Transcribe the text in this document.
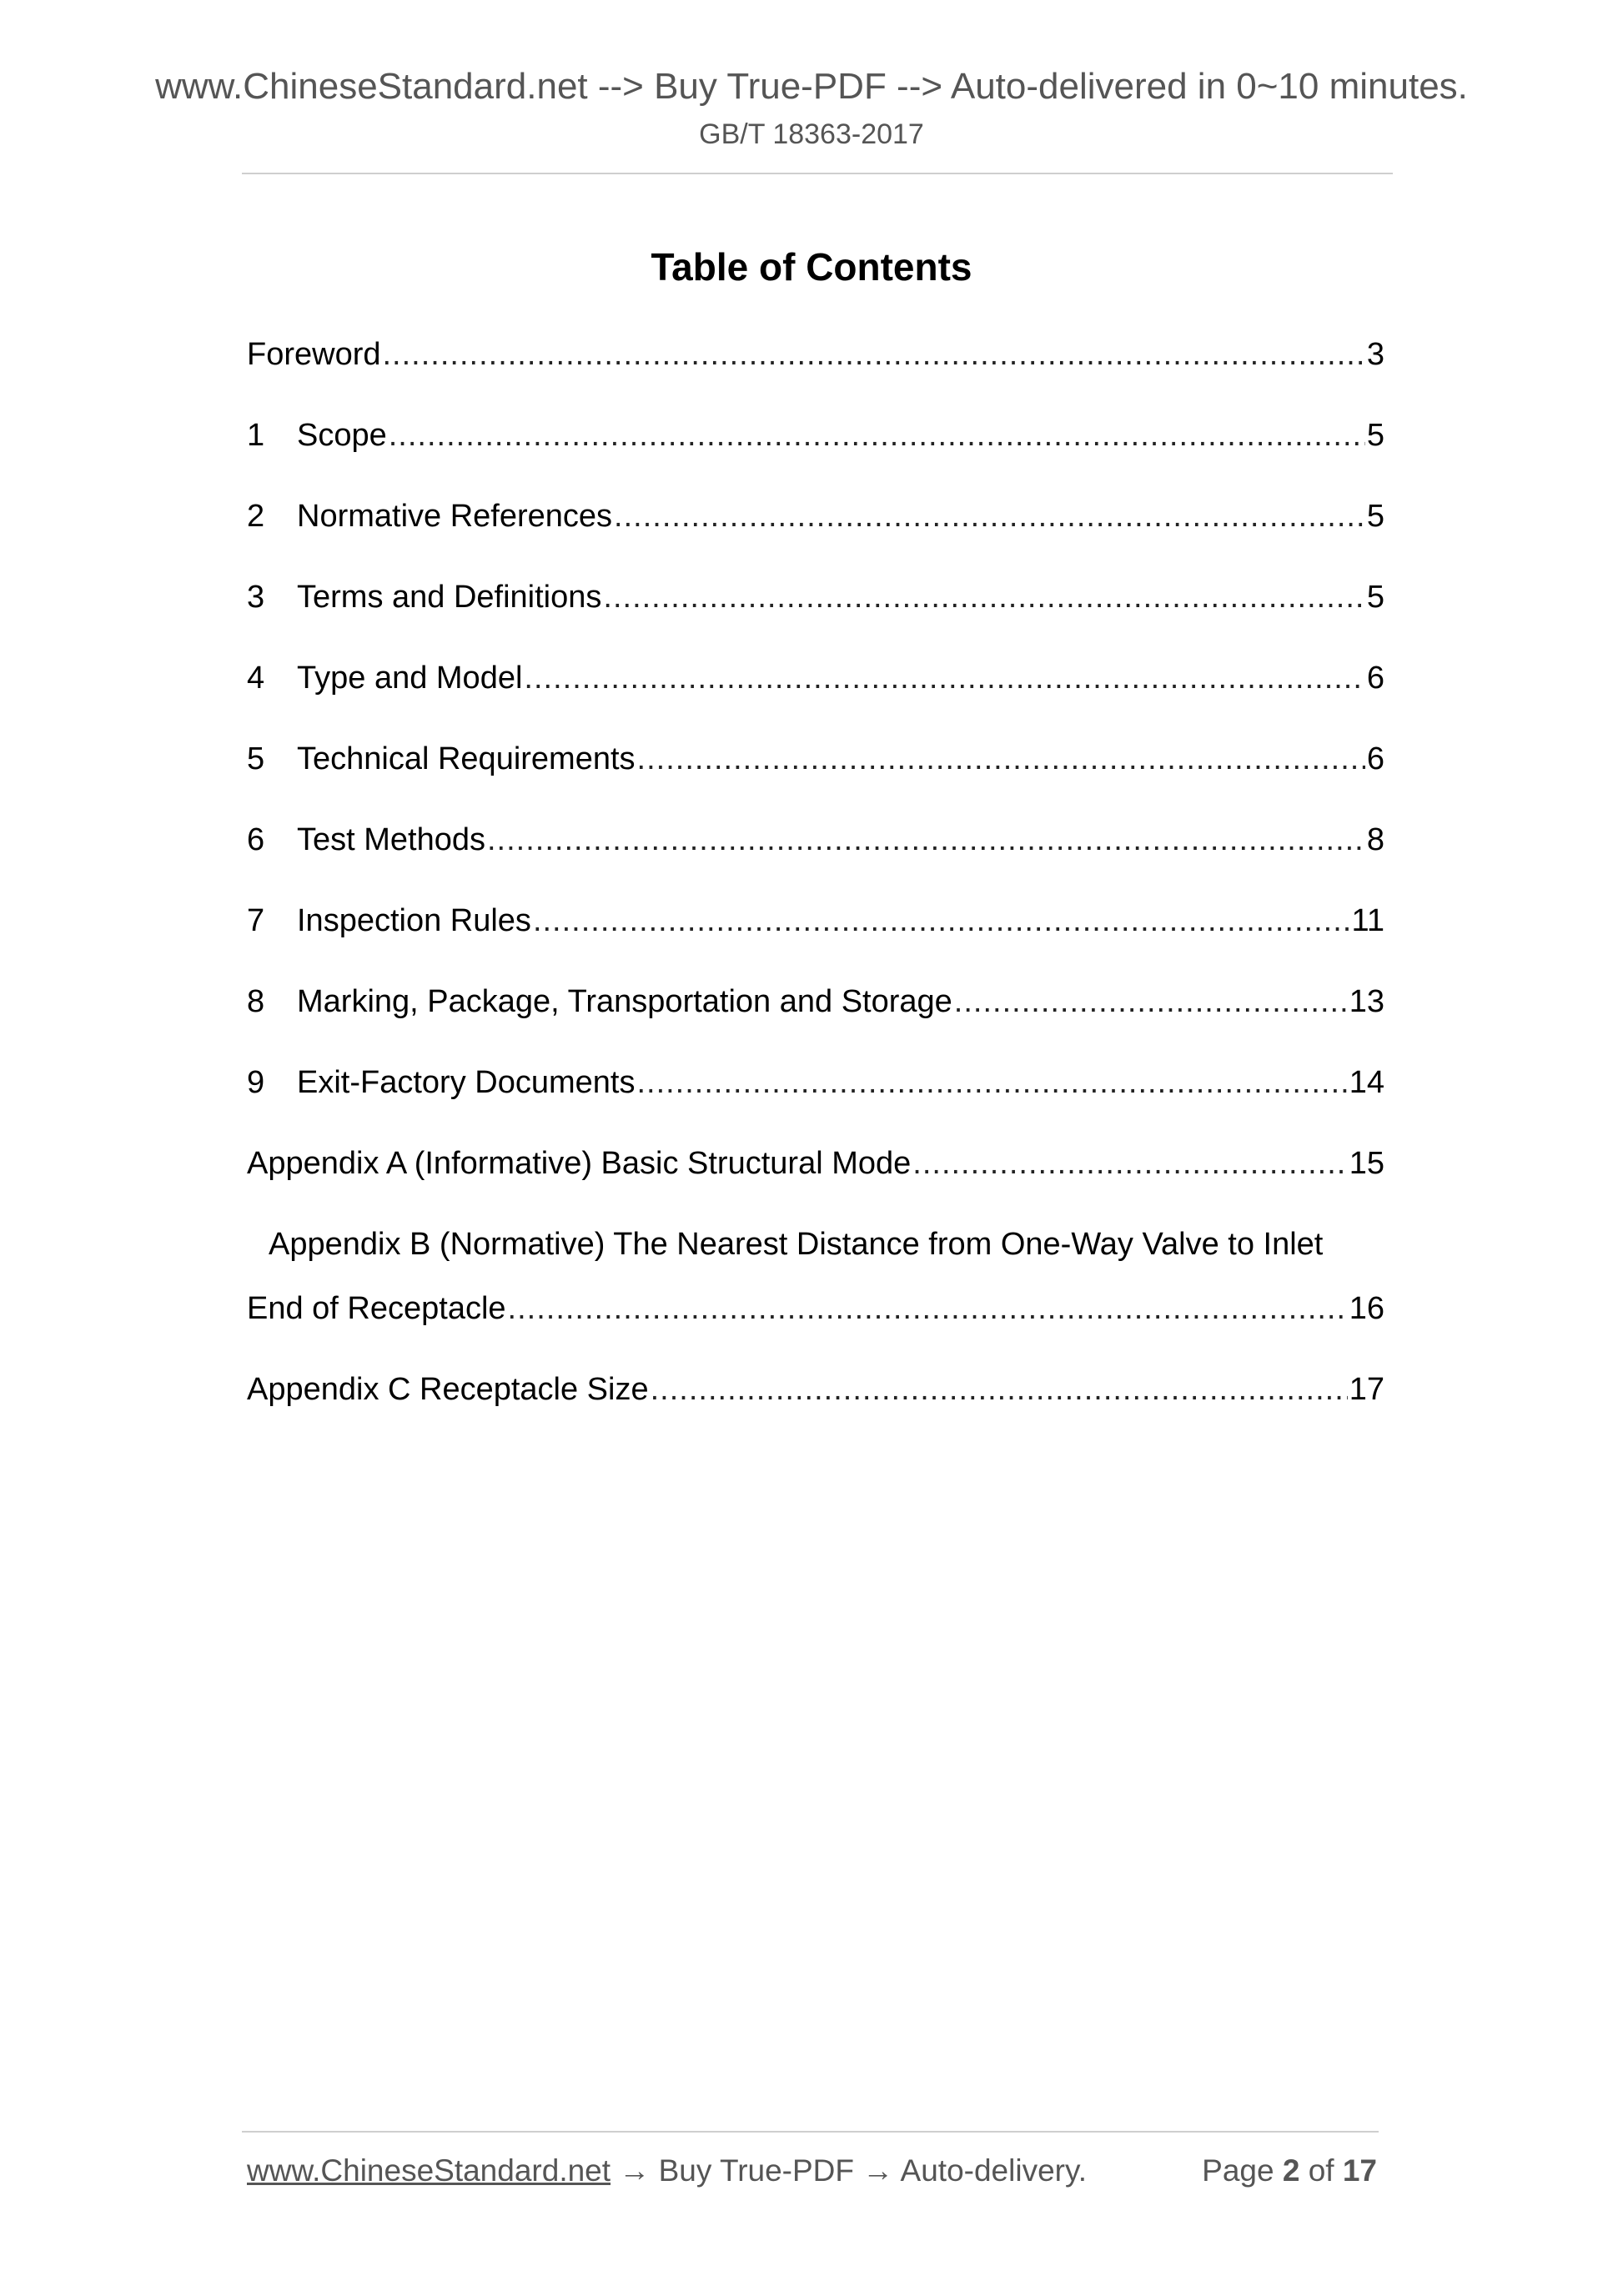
www.ChineseStandard.net --> Buy True-PDF --> Auto-delivered in 0~10 minutes.
GB/T 18363-2017
Table of Contents
Foreword .....	3
1	Scope .....	5
2	Normative References .....	5
3	Terms and Definitions .....	5
4	Type and Model .....	6
5	Technical Requirements .....	6
6	Test Methods .....	8
7	Inspection Rules .....	11
8	Marking, Package, Transportation and Storage .....	13
9	Exit-Factory Documents .....	14
Appendix A (Informative) Basic Structural Mode .....	15
Appendix B (Normative) The Nearest Distance from One-Way Valve to Inlet
End of Receptacle .....	16
Appendix C Receptacle Size .....	17
www.ChineseStandard.net → Buy True-PDF → Auto-delivery.	Page 2 of 17
